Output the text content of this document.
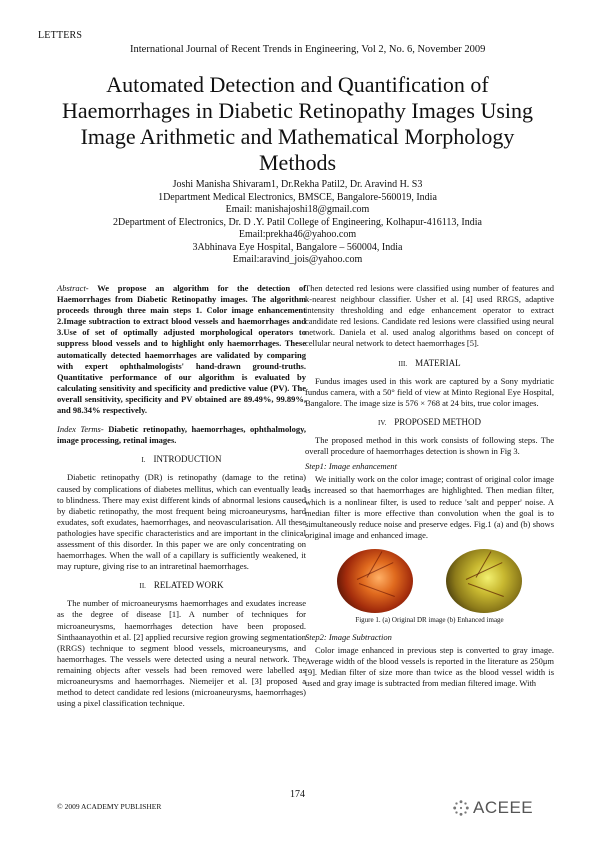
LETTERS
International Journal of Recent Trends in Engineering, Vol 2, No. 6, November 2009
Automated Detection and Quantification of Haemorrhages in Diabetic Retinopathy Images Using Image Arithmetic and Mathematical Morphology Methods
Joshi Manisha Shivaram1, Dr.Rekha Patil2, Dr. Aravind H. S3
1Department Medical Electronics, BMSCE, Bangalore-560019, India
Email: manishajoshi18@gmail.com
2Department of Electronics, Dr. D .Y. Patil College of Engineering, Kolhapur-416113, India
Email:prekha46@yahoo.com
3Abhinava Eye Hospital, Bangalore – 560004, India
Email:aravind_jois@yahoo.com

Abstract- We propose an algorithm for the detection of Haemorrhages from Diabetic Retinopathy images. The algorithm proceeds through three main steps 1. Color image enhancement 2.Image subtraction to extract blood vessels and haemorrhages and 3.Use of set of optimally adjusted morphological operators to suppress blood vessels and to highlight only haemorrhages. These automatically detected haemorrhages are validated by comparing with expert ophthalmologists' hand-drawn ground-truths. Quantitative performance of our algorithm is evaluated by calculating sensitivity and specificity and predictive value (PV). The overall sensitivity, specificity and PV obtained are 89.49%, 99.89%, and 98.34% respectively.

Index Terms- Diabetic retinopathy, haemorrhages, ophthalmology, image processing, retinal images.

I. INTRODUCTION

Diabetic retinopathy (DR) is retinopathy (damage to the retina) caused by complications of diabetes mellitus, which can eventually lead to blindness. There may exist different kinds of abnormal lesions caused by diabetic retinopathy, the most frequent being microaneurysms, hard exudates, soft exudates, haemorrhages, and neovascularisation. All these pathologies have specific characteristics and are important in the clinical assessment of this disorder. In this paper we are only concentrating on haemorrhages. When the wall of a capillary is sufficiently weakened, it may rupture, giving rise to an intraretinal haemorrhages.

II. RELATED WORK

The number of microaneurysms haemorrhages and exudates increase as the degree of disease [1]. A number of techniques for microaneurysms, haemorrhages detection have been proposed. Sinthaanayothin et al. [2] applied recursive region growing segmentation (RRGS) technique to segment blood vessels, microaneurysms, and haemorrhages. The vessels were detected using a neural network. The remaining objects after vessels had been removed were labelled as microaneurysms and haemorrhages. Niemeijer et al. [3] proposed a method to detect candidate red lesions (microaneurysms, haemorrhages) using a pixel classification technique.

Then detected red lesions were classified using number of features and k-nearest neighbour classifier. Usher et al. [4] used RRGS, adaptive intensity thresholding and edge enhancement operator to extract candidate red lesions. Candidate red lesions were classified using neural network. Daniela et al. used analog algorithms based on concept of cellular neural network to detect haemorrhages [5].

III. MATERIAL

Fundus images used in this work are captured by a Sony mydriatic fundus camera, with a 50° field of view at Minto Regional Eye Hospital, Bangalore. The image size is 576 × 768 at 24 bits, true color images.

IV. PROPOSED METHOD

The proposed method in this work consists of following steps. The overall procedure of haemorrhages detection is shown in Fig 3.

Step1: Image enhancement

We initially work on the color image; contrast of original color image is increased so that haemorrhages are highlighted. Then median filter, which is a nonlinear filter, is used to reduce 'salt and pepper' noise. A median filter is more effective than convolution when the goal is to simultaneously reduce noise and preserve edges. Fig.1 (a) and (b) shows original image and enhanced image.

Figure 1. (a) Original DR image (b) Enhanced image

Step2: Image Subtraction

Color image enhanced in previous step is converted to gray image. Average width of the blood vessels is reported in the literature as 250μm [9]. Median filter of size more than twice as the blood vessel width is used and gray image is subtracted from median filtered image. With

174
© 2009 ACADEMY PUBLISHER	ACEEE
